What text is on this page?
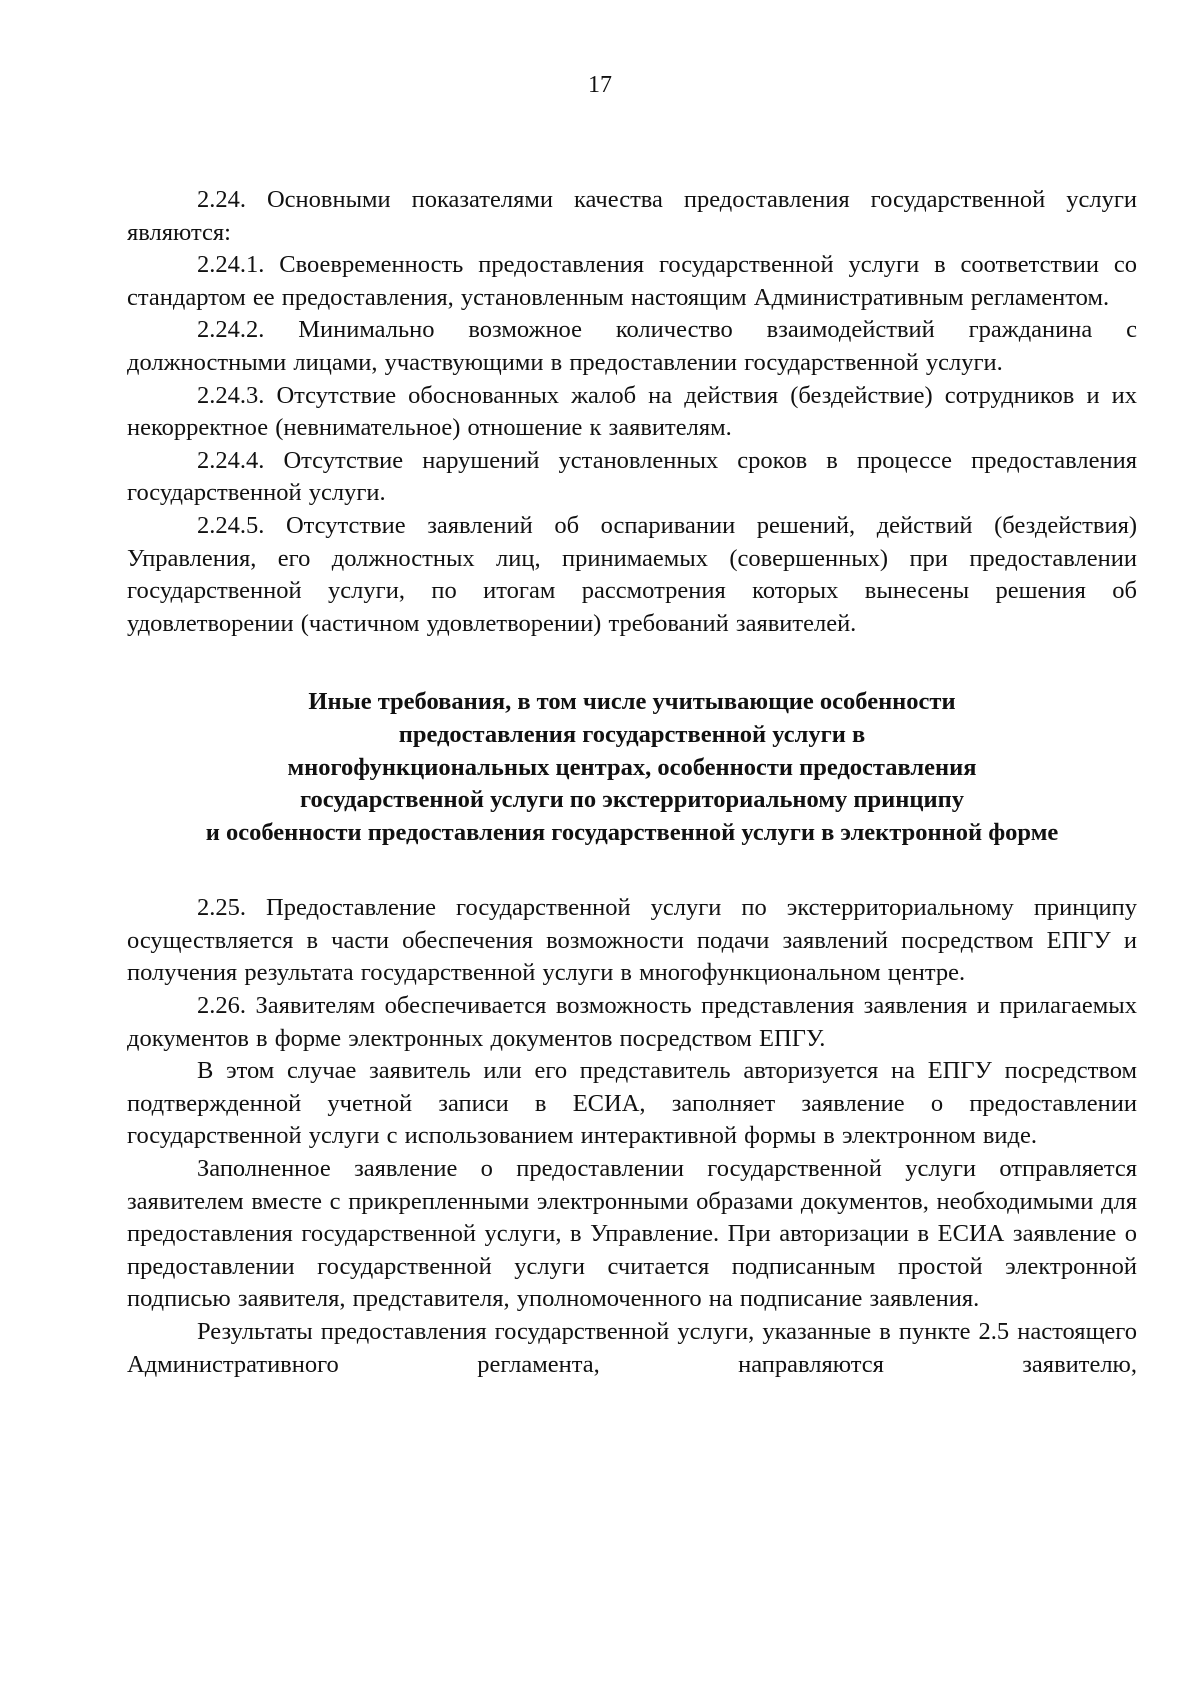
17

2.24. Основными показателями качества предоставления государственной услуги являются:

2.24.1. Своевременность предоставления государственной услуги в соответствии со стандартом ее предоставления, установленным настоящим Административным регламентом.

2.24.2. Минимально возможное количество взаимодействий гражданина с должностными лицами, участвующими в предоставлении государственной услуги.

2.24.3. Отсутствие обоснованных жалоб на действия (бездействие) сотрудников и их некорректное (невнимательное) отношение к заявителям.

2.24.4. Отсутствие нарушений установленных сроков в процессе предоставления государственной услуги.

2.24.5. Отсутствие заявлений об оспаривании решений, действий (бездействия) Управления, его должностных лиц, принимаемых (совершенных) при предоставлении государственной услуги, по итогам рассмотрения которых вынесены решения об удовлетворении (частичном удовлетворении) требований заявителей.

Иные требования, в том числе учитывающие особенности
предоставления государственной услуги в
многофункциональных центрах, особенности предоставления
государственной услуги по экстерриториальному принципу
и особенности предоставления государственной услуги в электронной форме

2.25. Предоставление государственной услуги по экстерриториальному принципу осуществляется в части обеспечения возможности подачи заявлений посредством ЕПГУ и получения результата государственной услуги в многофункциональном центре.

2.26. Заявителям обеспечивается возможность представления заявления и прилагаемых документов в форме электронных документов посредством ЕПГУ.

В этом случае заявитель или его представитель авторизуется на ЕПГУ посредством подтвержденной учетной записи в ЕСИА, заполняет заявление о предоставлении государственной услуги с использованием интерактивной формы в электронном виде.

Заполненное заявление о предоставлении государственной услуги отправляется заявителем вместе с прикрепленными электронными образами документов, необходимыми для предоставления государственной услуги, в Управление. При авторизации в ЕСИА заявление о предоставлении государственной услуги считается подписанным простой электронной подписью заявителя, представителя, уполномоченного на подписание заявления.

Результаты предоставления государственной услуги, указанные в пункте 2.5 настоящего Административного регламента, направляются заявителю,
